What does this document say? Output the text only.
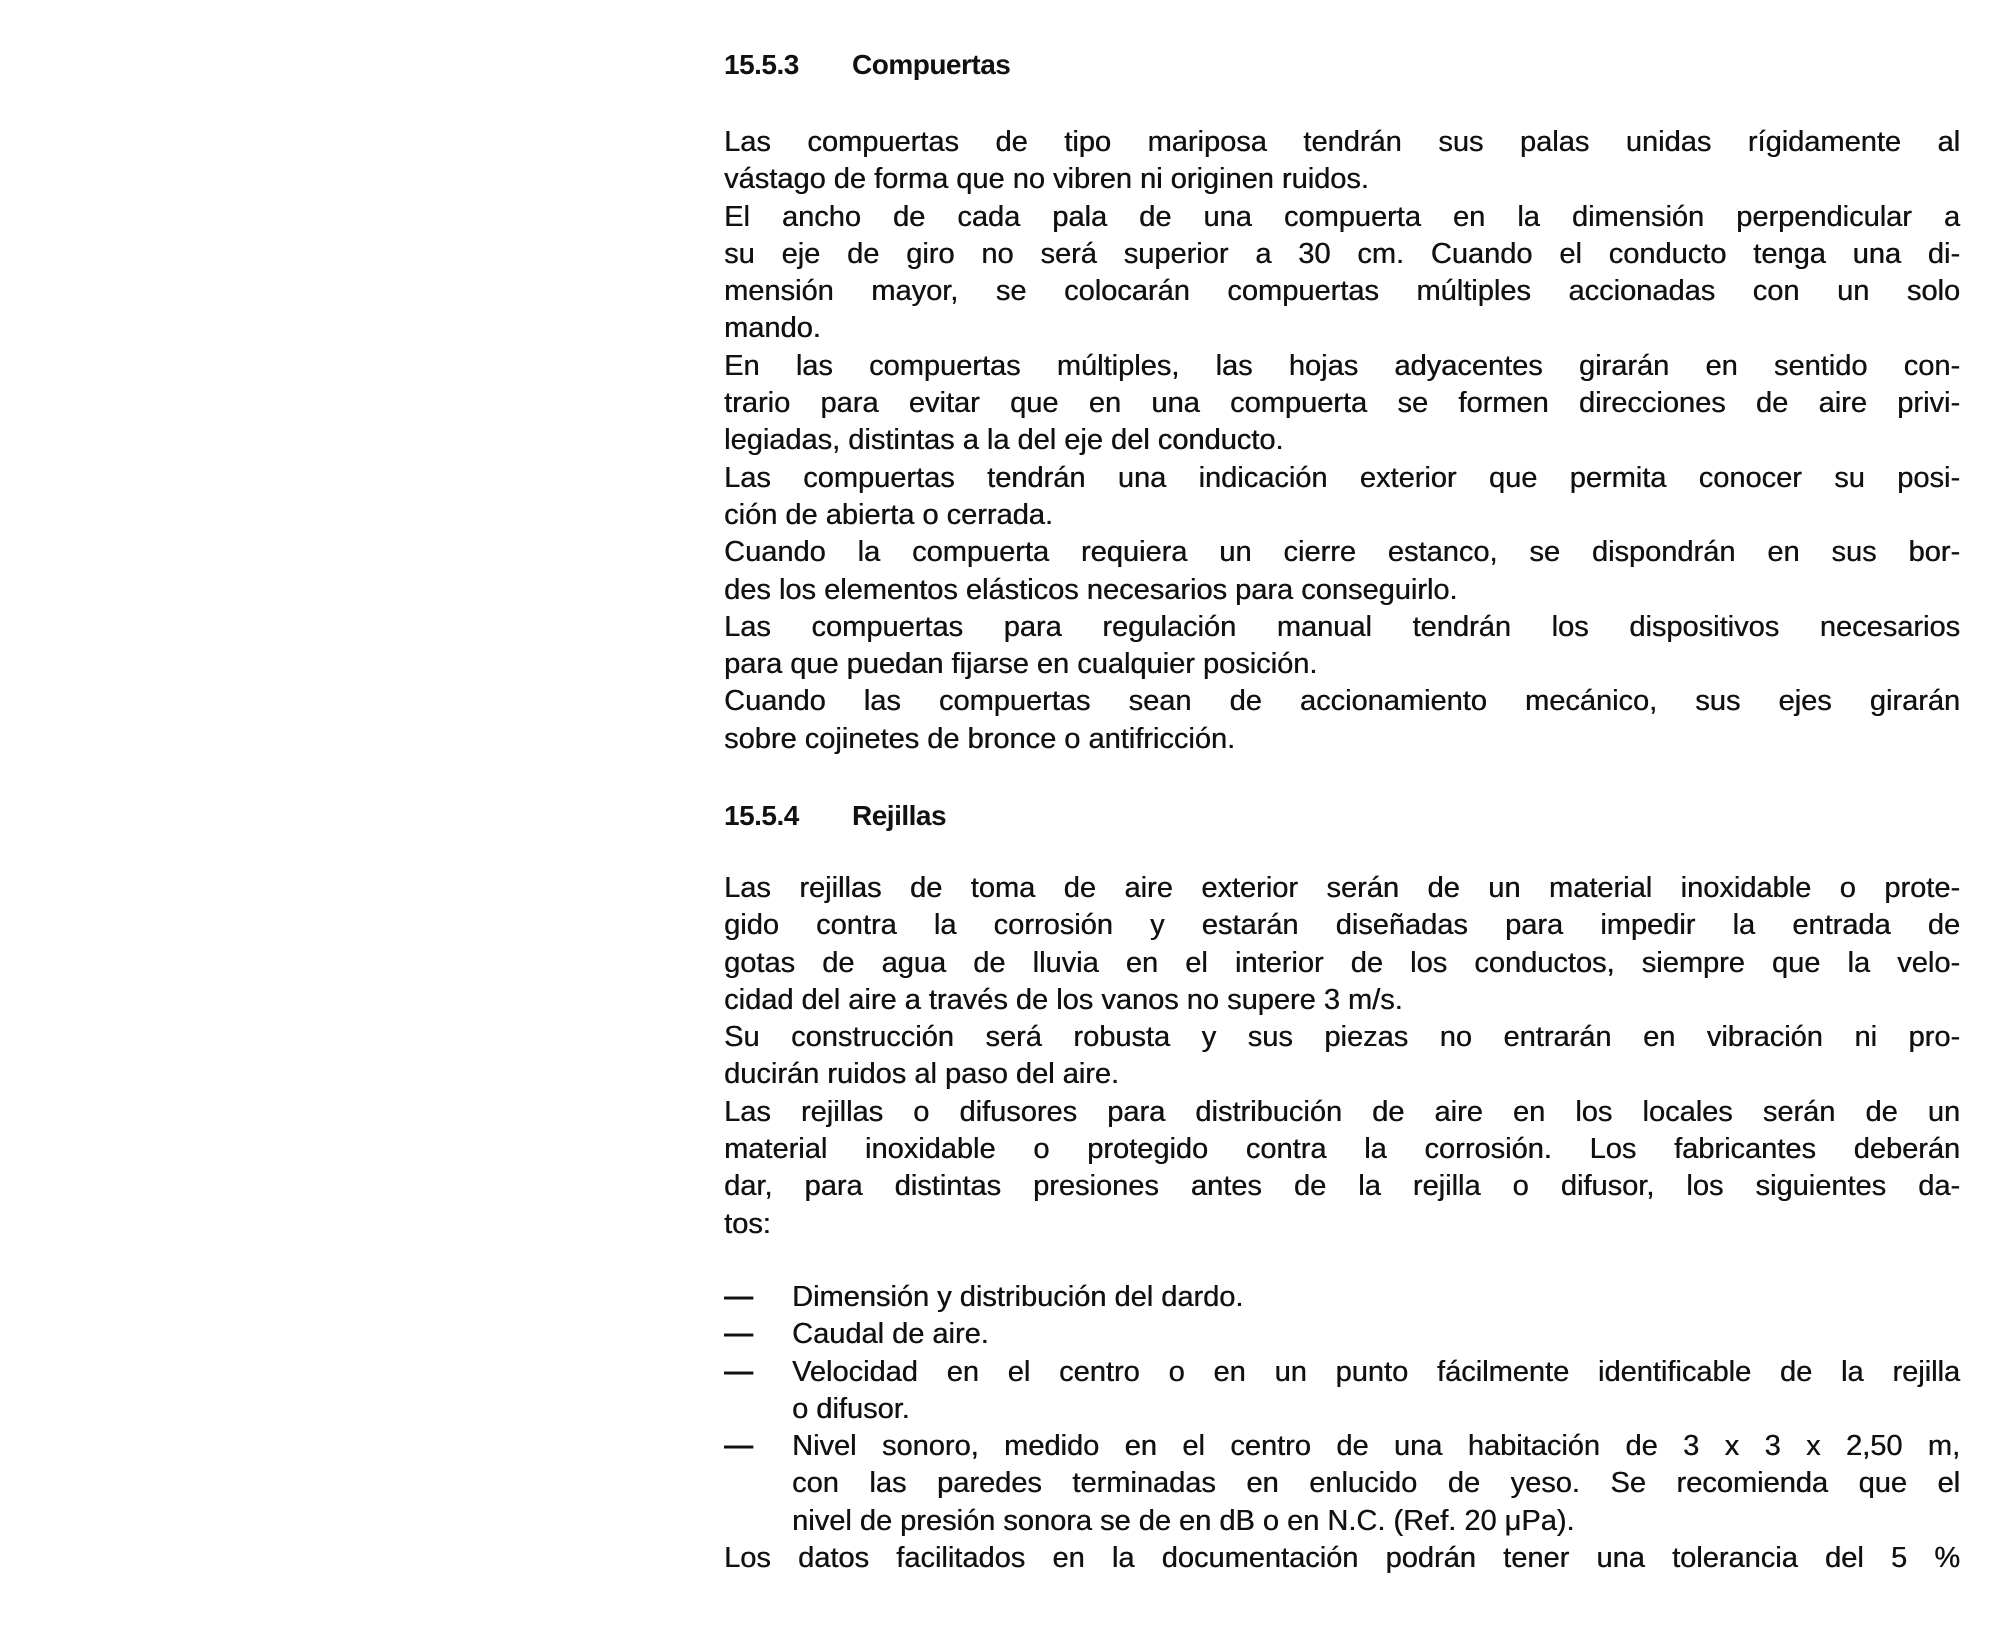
15.5.3 Compuertas
Las compuertas de tipo mariposa tendrán sus palas unidas rígidamente al
vástago de forma que no vibren ni originen ruidos.
El ancho de cada pala de una compuerta en la dimensión perpendicular a
su eje de giro no será superior a 30 cm. Cuando el conducto tenga una di-
mensión mayor, se colocarán compuertas múltiples accionadas con un solo
mando.
En las compuertas múltiples, las hojas adyacentes girarán en sentido con-
trario para evitar que en una compuerta se formen direcciones de aire privi-
legiadas, distintas a la del eje del conducto.
Las compuertas tendrán una indicación exterior que permita conocer su posi-
ción de abierta o cerrada.
Cuando la compuerta requiera un cierre estanco, se dispondrán en sus bor-
des los elementos elásticos necesarios para conseguirlo.
Las compuertas para regulación manual tendrán los dispositivos necesarios
para que puedan fijarse en cualquier posición.
Cuando las compuertas sean de accionamiento mecánico, sus ejes girarán
sobre cojinetes de bronce o antifricción.
15.5.4 Rejillas
Las rejillas de toma de aire exterior serán de un material inoxidable o prote-
gido contra la corrosión y estarán diseñadas para impedir la entrada de
gotas de agua de lluvia en el interior de los conductos, siempre que la velo-
cidad del aire a través de los vanos no supere 3 m/s.
Su construcción será robusta y sus piezas no entrarán en vibración ni pro-
ducirán ruidos al paso del aire.
Las rejillas o difusores para distribución de aire en los locales serán de un
material inoxidable o protegido contra la corrosión. Los fabricantes deberán
dar, para distintas presiones antes de la rejilla o difusor, los siguientes da-
tos:
—	Dimensión y distribución del dardo.
—	Caudal de aire.
—	Velocidad en el centro o en un punto fácilmente identificable de la rejilla
o difusor.
—	Nivel sonoro, medido en el centro de una habitación de 3 x 3 x 2,50 m,
con las paredes terminadas en enlucido de yeso. Se recomienda que el
nivel de presión sonora se de en dB o en N.C. (Ref. 20 μPa).
Los datos facilitados en la documentación podrán tener una tolerancia del 5 %
